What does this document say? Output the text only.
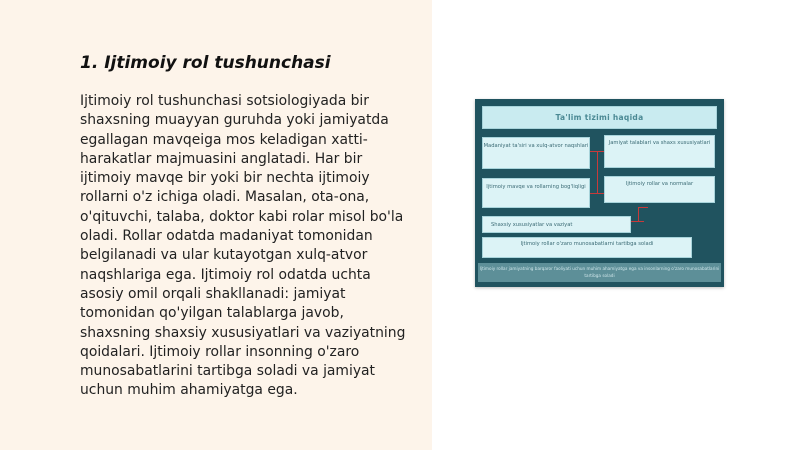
1. Ijtimoiy rol tushunchasi

Ijtimoiy rol tushunchasi sotsiologiyada bir shaxsning muayyan guruhda yoki jamiyatda egallagan mavqeiga mos keladigan xatti-harakatlar majmuasini anglatadi. Har bir ijtimoiy mavqe bir yoki bir nechta ijtimoiy rollarni o'z ichiga oladi. Masalan, ota-ona, o'qituvchi, talaba, doktor kabi rolar misol bo'la oladi. Rollar odatda madaniyat tomonidan belgilanadi va ular kutayotgan xulq-atvor naqshlariga ega. Ijtimoiy rol odatda uchta asosiy omil orqali shakllanadi: jamiyat tomonidan qo'yilgan talablarga javob, shaxsning shaxsiy xususiyatlari va vaziyatning qoidalari. Ijtimoiy rollar insonning o'zaro munosabatlarini tartibga soladi va jamiyat uchun muhim ahamiyatga ega.

Ta'lim tizimi haqida
Madaniyat ta'siri va xulq-atvor naqshlari	Jamiyat talablari va shaxs xususiyatlari
Ijtimoiy mavqe va rollarning bog'liqligi	Ijtimoiy rollar va normalar
Shaxsiy xususiyatlar va vaziyat
Ijtimoiy rollar o'zaro munosabatlarni tartibga soladi
Ijtimoiy rollar jamiyatning barqaror faoliyati uchun muhim ahamiyatga ega va insonlarning o'zaro munosabatlarini tartibga soladi
